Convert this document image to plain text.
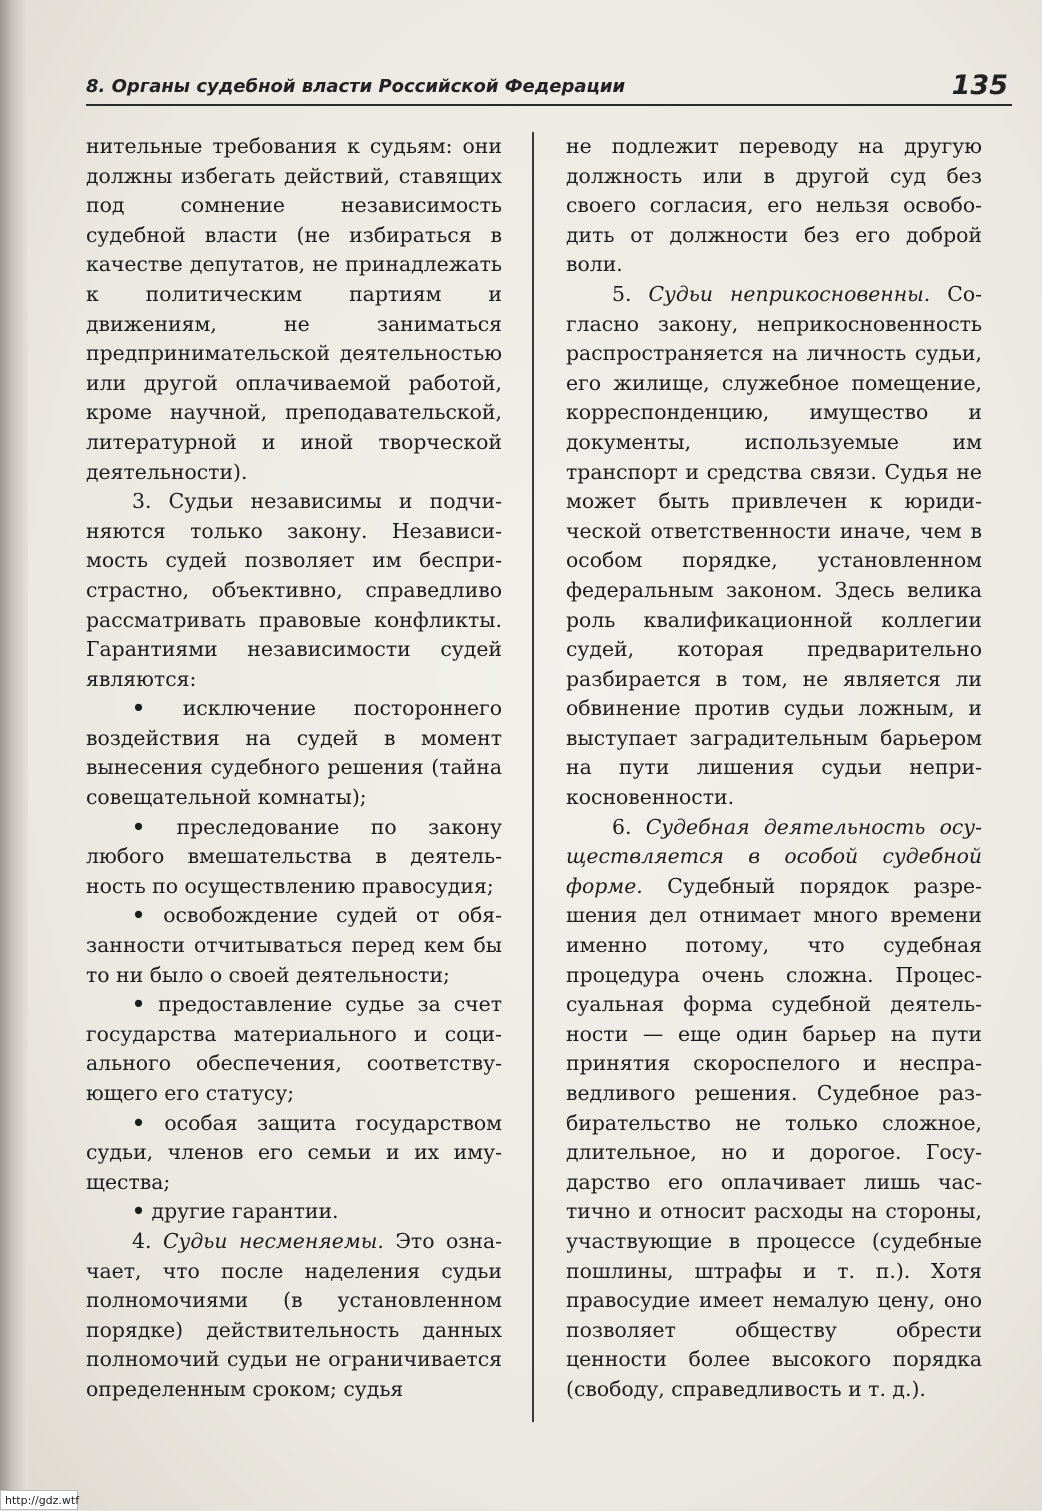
8. Органы судебной власти Российской Федерации	135

нительные требования к судьям: они должны избегать действий, ставящих под сомнение независимость судебной власти (не избираться в качестве депутатов, не принадлежать к политическим партиям и движениям, не заниматься предпринимательской деятельностью или другой оплачиваемой работой, кроме научной, преподавательской, литературной и иной творческой деятельности).

3. Судьи независимы и подчиняются только закону. Независимость судей позволяет им беспристрастно, объективно, справедливо рассматривать правовые конфликты. Гарантиями независимости судей являются:

• исключение постороннего воздействия на судей в момент вынесения судебного решения (тайна совещательной комнаты);

• преследование по закону любого вмешательства в деятельность по осуществлению правосудия;

• освобождение судей от обязанности отчитываться перед кем бы то ни было о своей деятельности;

• предоставление судье за счет государства материального и социального обеспечения, соответствующего его статусу;

• особая защита государством судьи, членов его семьи и их имущества;

• другие гарантии.

4. Судьи несменяемы. Это означает, что после наделения судьи полномочиями (в установленном порядке) действительность данных полномочий судьи не ограничивается определенным сроком; судья

не подлежит переводу на другую должность или в другой суд без своего согласия, его нельзя освободить от должности без его доброй воли.

5. Судьи неприкосновенны. Согласно закону, неприкосновенность распространяется на личность судьи, его жилище, служебное помещение, корреспонденцию, имущество и документы, используемые им транспорт и средства связи. Судья не может быть привлечен к юридической ответственности иначе, чем в особом порядке, установленном федеральным законом. Здесь велика роль квалификационной коллегии судей, которая предварительно разбирается в том, не является ли обвинение против судьи ложным, и выступает заградительным барьером на пути лишения судьи неприкосновенности.

6. Судебная деятельность осуществляется в особой судебной форме. Судебный порядок разрешения дел отнимает много времени именно потому, что судебная процедура очень сложна. Процессуальная форма судебной деятельности — еще один барьер на пути принятия скороспелого и несправедливого решения. Судебное разбирательство не только сложное, длительное, но и дорогое. Государство его оплачивает лишь частично и относит расходы на стороны, участвующие в процессе (судебные пошлины, штрафы и т. п.). Хотя правосудие имеет немалую цену, оно позволяет обществу обрести ценности более высокого порядка (свободу, справедливость и т. д.).

http://gdz.wtf
